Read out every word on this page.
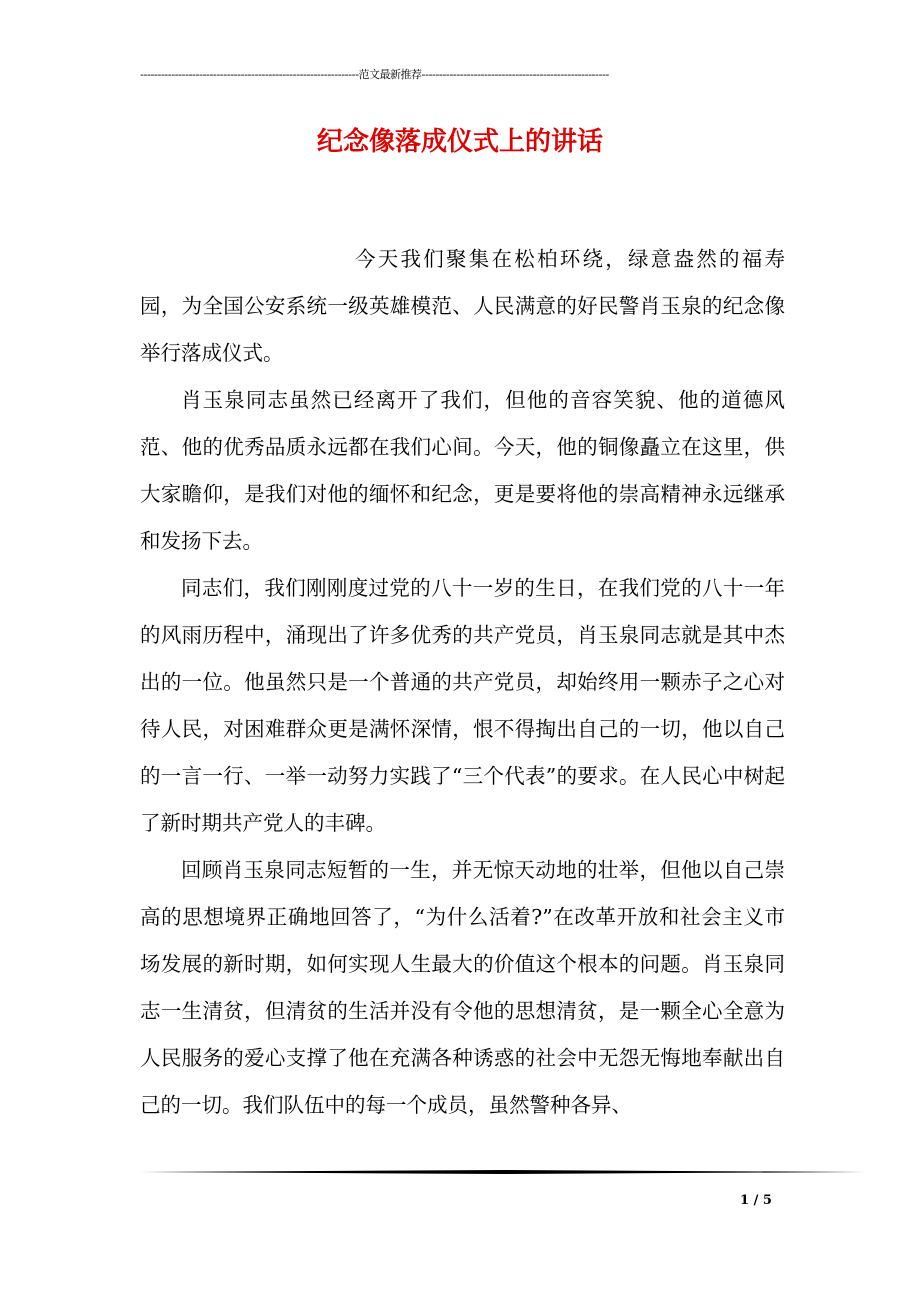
---------------------------------------------------------------范文最新推荐------------------------------------------------------
纪念像落成仪式上的讲话

今天我们聚集在松柏环绕，绿意盎然的福寿园，为全国公安系统一级英雄模范、人民满意的好民警肖玉泉的纪念像举行落成仪式。

肖玉泉同志虽然已经离开了我们，但他的音容笑貌、他的道德风范、他的优秀品质永远都在我们心间。今天，他的铜像矗立在这里，供大家瞻仰，是我们对他的缅怀和纪念，更是要将他的崇高精神永远继承和发扬下去。

同志们，我们刚刚度过党的八十一岁的生日，在我们党的八十一年的风雨历程中，涌现出了许多优秀的共产党员，肖玉泉同志就是其中杰出的一位。他虽然只是一个普通的共产党员，却始终用一颗赤子之心对待人民，对困难群众更是满怀深情，恨不得掏出自己的一切，他以自己的一言一行、一举一动努力实践了“三个代表”的要求。在人民心中树起了新时期共产党人的丰碑。

回顾肖玉泉同志短暂的一生，并无惊天动地的壮举，但他以自己崇高的思想境界正确地回答了，“为什么活着?”在改革开放和社会主义市场发展的新时期，如何实现人生最大的价值这个根本的问题。肖玉泉同志一生清贫，但清贫的生活并没有令他的思想清贫，是一颗全心全意为人民服务的爱心支撑了他在充满各种诱惑的社会中无怨无悔地奉献出自己的一切。我们队伍中的每一个成员，虽然警种各异、

1 / 5
